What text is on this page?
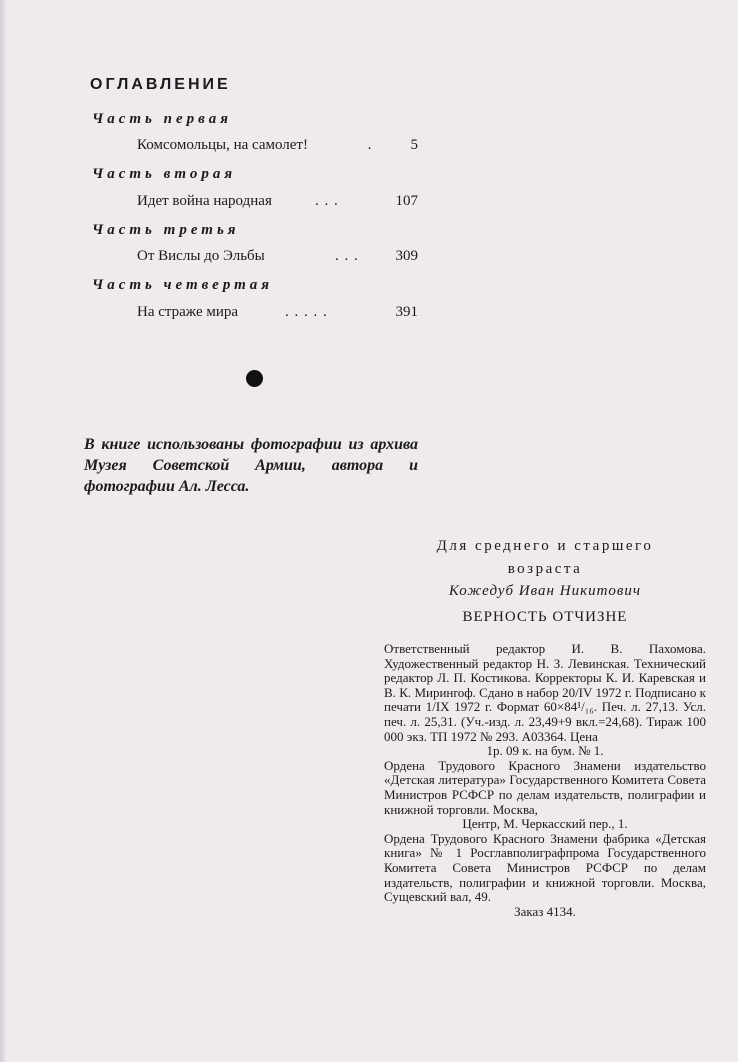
ОГЛАВЛЕНИЕ
Часть первая
Комсомольцы, на самолет!	.	5
Часть вторая
Идет война народная	. . .	107
Часть третья
От Вислы до Эльбы	. . . 309
Часть четвертая
На страже мира	. . . . .	391
В книге использованы фотографии из архива Музея Советской Армии, автора и фотографии Ал. Лесса.
Для среднего и старшего
возраста
Кожедуб Иван Никитович
ВЕРНОСТЬ ОТЧИЗНЕ

Ответственный редактор И. В. Пахомова. Художественный редактор Н. З. Левинская. Технический редактор Л. П. Костикова. Корректоры К. И. Каревская и В. К. Миринroф. Сдано в набор 20/IV 1972 г. Подписано к печати 1/IX 1972 г. Формат 60×84¹/₁₆. Печ. л. 27,13. Усл. печ. л. 25,31. (Уч.-изд. л. 23,49+9 вкл.=24,68). Тираж 100 000 экз. ТП 1972 № 293. А03364. Цена

1р. 09 к. на бум. № 1.

Ордена Трудового Красного Знамени издательство «Детская литература» Государственного Комитета Совета Министров РСФСР по делам издательств, полиграфии и книжной торговли. Москва,

Центр, М. Черкасский пер., 1.

Ордена Трудового Красного Знамени фабрика «Детская книга» № 1 Росглавполиграфпрома Государственного Комитета Совета Министров РСФСР по делам издательств, полиграфии и книжной торговли. Москва, Сущевский вал, 49.

Заказ 4134.
